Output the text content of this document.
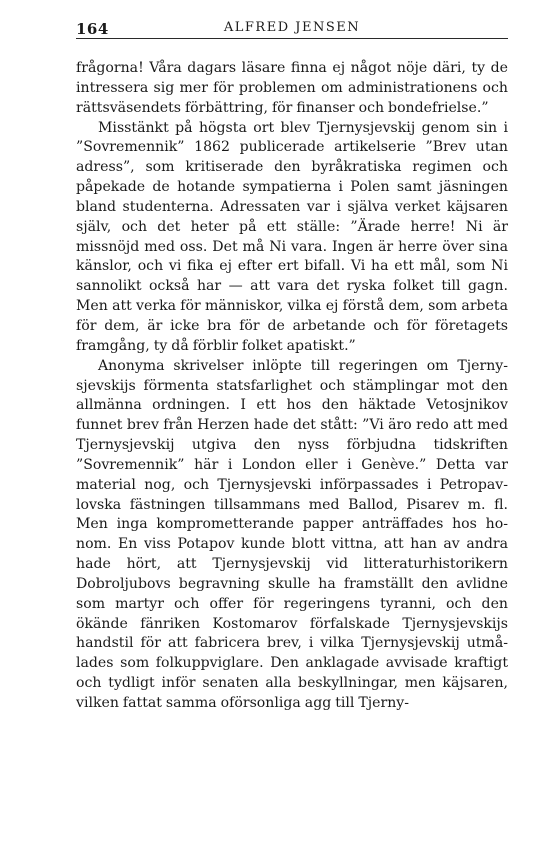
164	ALFRED JENSEN

frågorna! Våra dagars läsare finna ej något nöje däri, ty de intressera sig mer för problemen om administrationens och rättsväsendets förbättring, för finanser och bondefrielse.”

Misstänkt på högsta ort blev Tjernysjevskij genom sin i ”Sovremennik” 1862 publicerade artikelserie ”Brev utan adress”, som kritiserade den byråkratiska regimen och påpekade de hotande sympatierna i Polen samt jäsningen bland studenterna. Adressaten var i själva verket käjsaren själv, och det heter på ett ställe: ”Ärade herre! Ni är missnöjd med oss. Det må Ni vara. Ingen är herre över sina känslor, och vi fika ej efter ert bifall. Vi ha ett mål, som Ni sannolikt också har — att vara det ryska folket till gagn. Men att verka för människor, vilka ej förstå dem, som arbeta för dem, är icke bra för de arbetande och för företagets framgång, ty då förblir folket apatiskt.”

Anonyma skrivelser inlöpte till regeringen om Tjernysjevskijs förmenta statsfarlighet och stämplingar mot den allmänna ordningen. I ett hos den häktade Vetosjnikov funnet brev från Herzen hade det stått: ”Vi äro redo att med Tjernysjevskij utgiva den nyss förbjudna tidskriften ”Sovremennik” här i London eller i Genève.” Detta var material nog, och Tjernysjevski införpassades i Petropavlovska fästningen tillsammans med Ballod, Pisarev m. fl. Men inga komprometterande papper anträffades hos honom. En viss Potapov kunde blott vittna, att han av andra hade hört, att Tjernysjevskij vid litteraturhistorikern Dobroljubovs begravning skulle ha framställt den avlidne som martyr och offer för regeringens tyranni, och den ökände fänriken Kostomarov förfalskade Tjernysjevskijs handstil för att fabricera brev, i vilka Tjernysjevskij utmålades som folkuppviglare. Den anklagade avvisade kraftigt och tydligt inför senaten alla beskyllningar, men käjsaren, vilken fattat samma oförsonliga agg till Tjerny-
